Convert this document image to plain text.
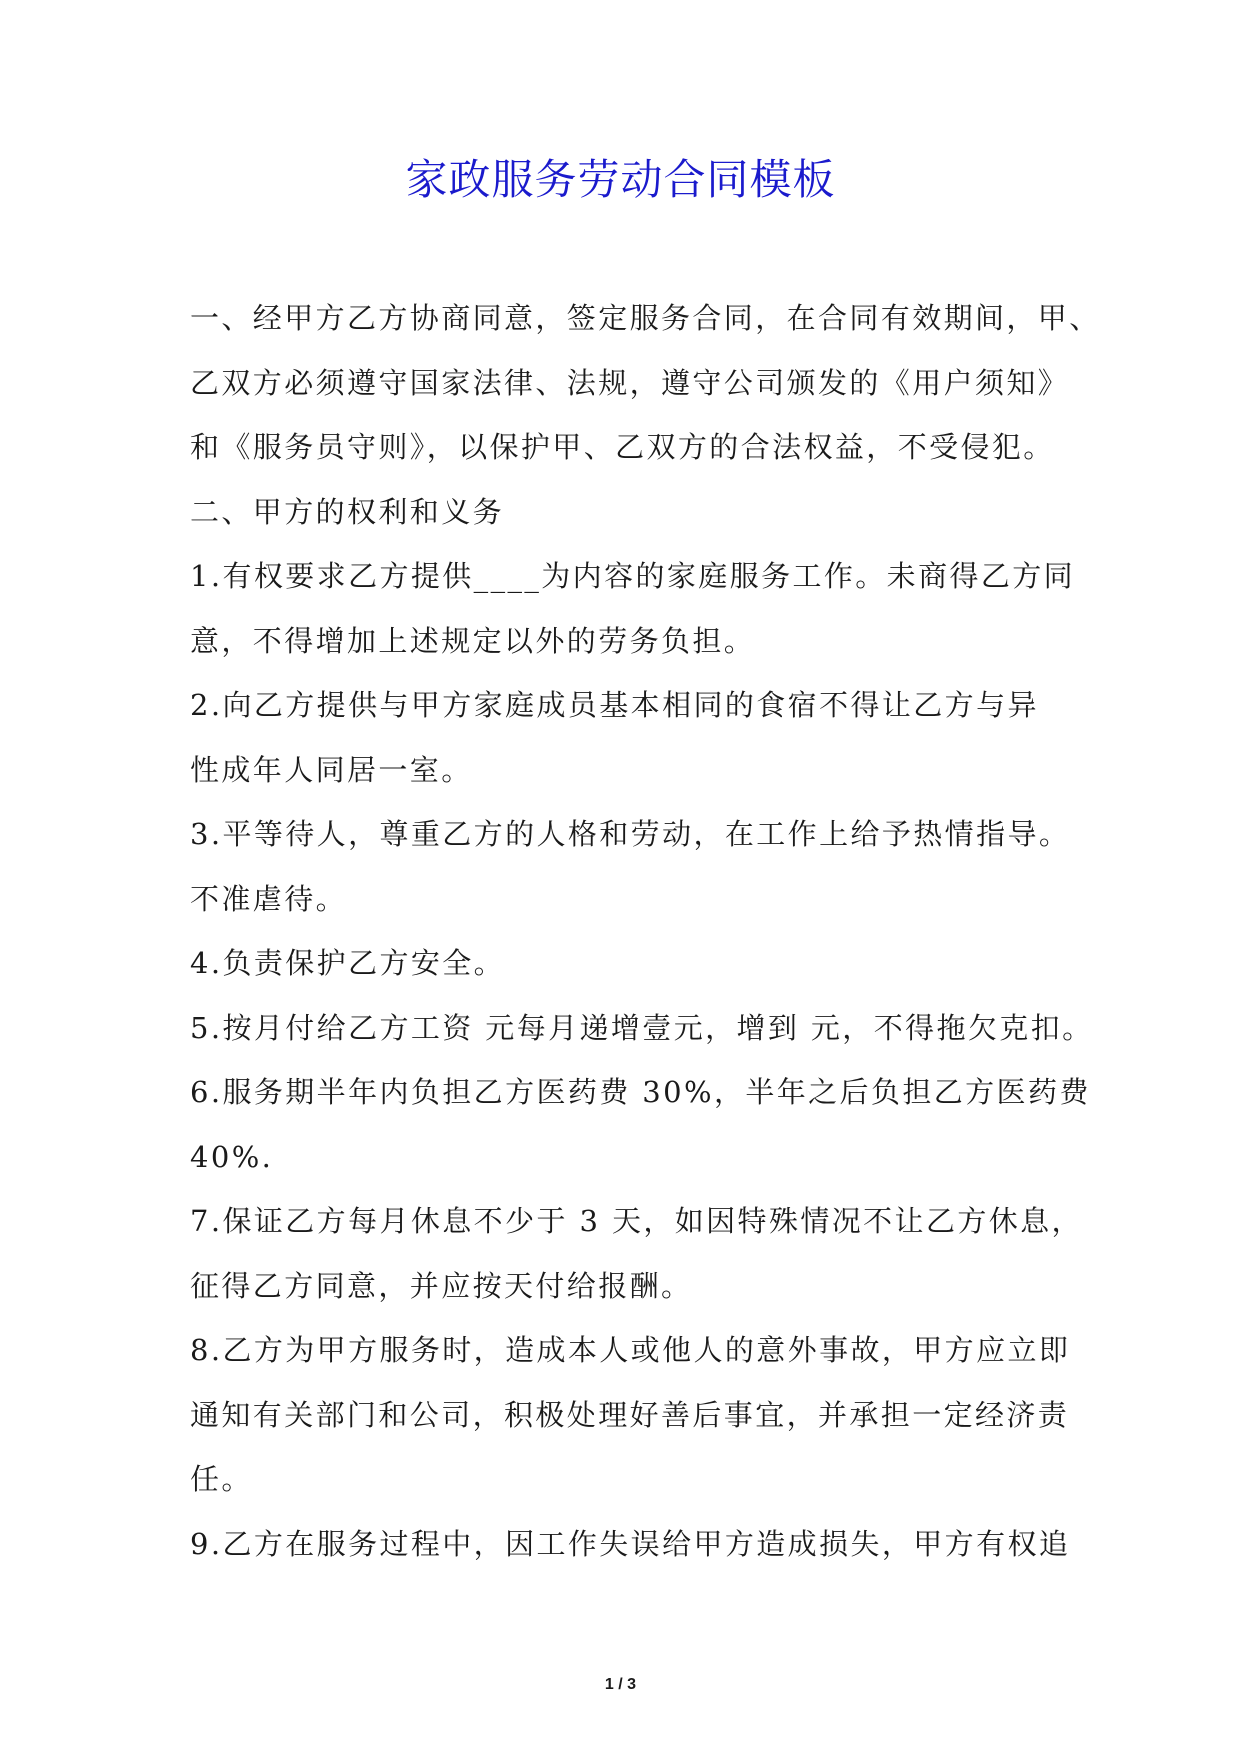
家政服务劳动合同模板

一、经甲方乙方协商同意，签定服务合同，在合同有效期间，甲、

乙双方必须遵守国家法律、法规，遵守公司颁发的《用户须知》

和《服务员守则》，以保护甲、乙双方的合法权益，不受侵犯。

二、甲方的权利和义务

1.有权要求乙方提供____为内容的家庭服务工作。未商得乙方同

意，不得增加上述规定以外的劳务负担。

2.向乙方提供与甲方家庭成员基本相同的食宿不得让乙方与异

性成年人同居一室。

3.平等待人，尊重乙方的人格和劳动，在工作上给予热情指导。

不准虐待。

4.负责保护乙方安全。

5.按月付给乙方工资 元每月递增壹元，增到 元，不得拖欠克扣。

6.服务期半年内负担乙方医药费 30%，半年之后负担乙方医药费

40%.

7.保证乙方每月休息不少于 3 天，如因特殊情况不让乙方休息，

征得乙方同意，并应按天付给报酬。

8.乙方为甲方服务时，造成本人或他人的意外事故，甲方应立即

通知有关部门和公司，积极处理好善后事宜，并承担一定经济责

任。

9.乙方在服务过程中，因工作失误给甲方造成损失，甲方有权追

1 / 3
